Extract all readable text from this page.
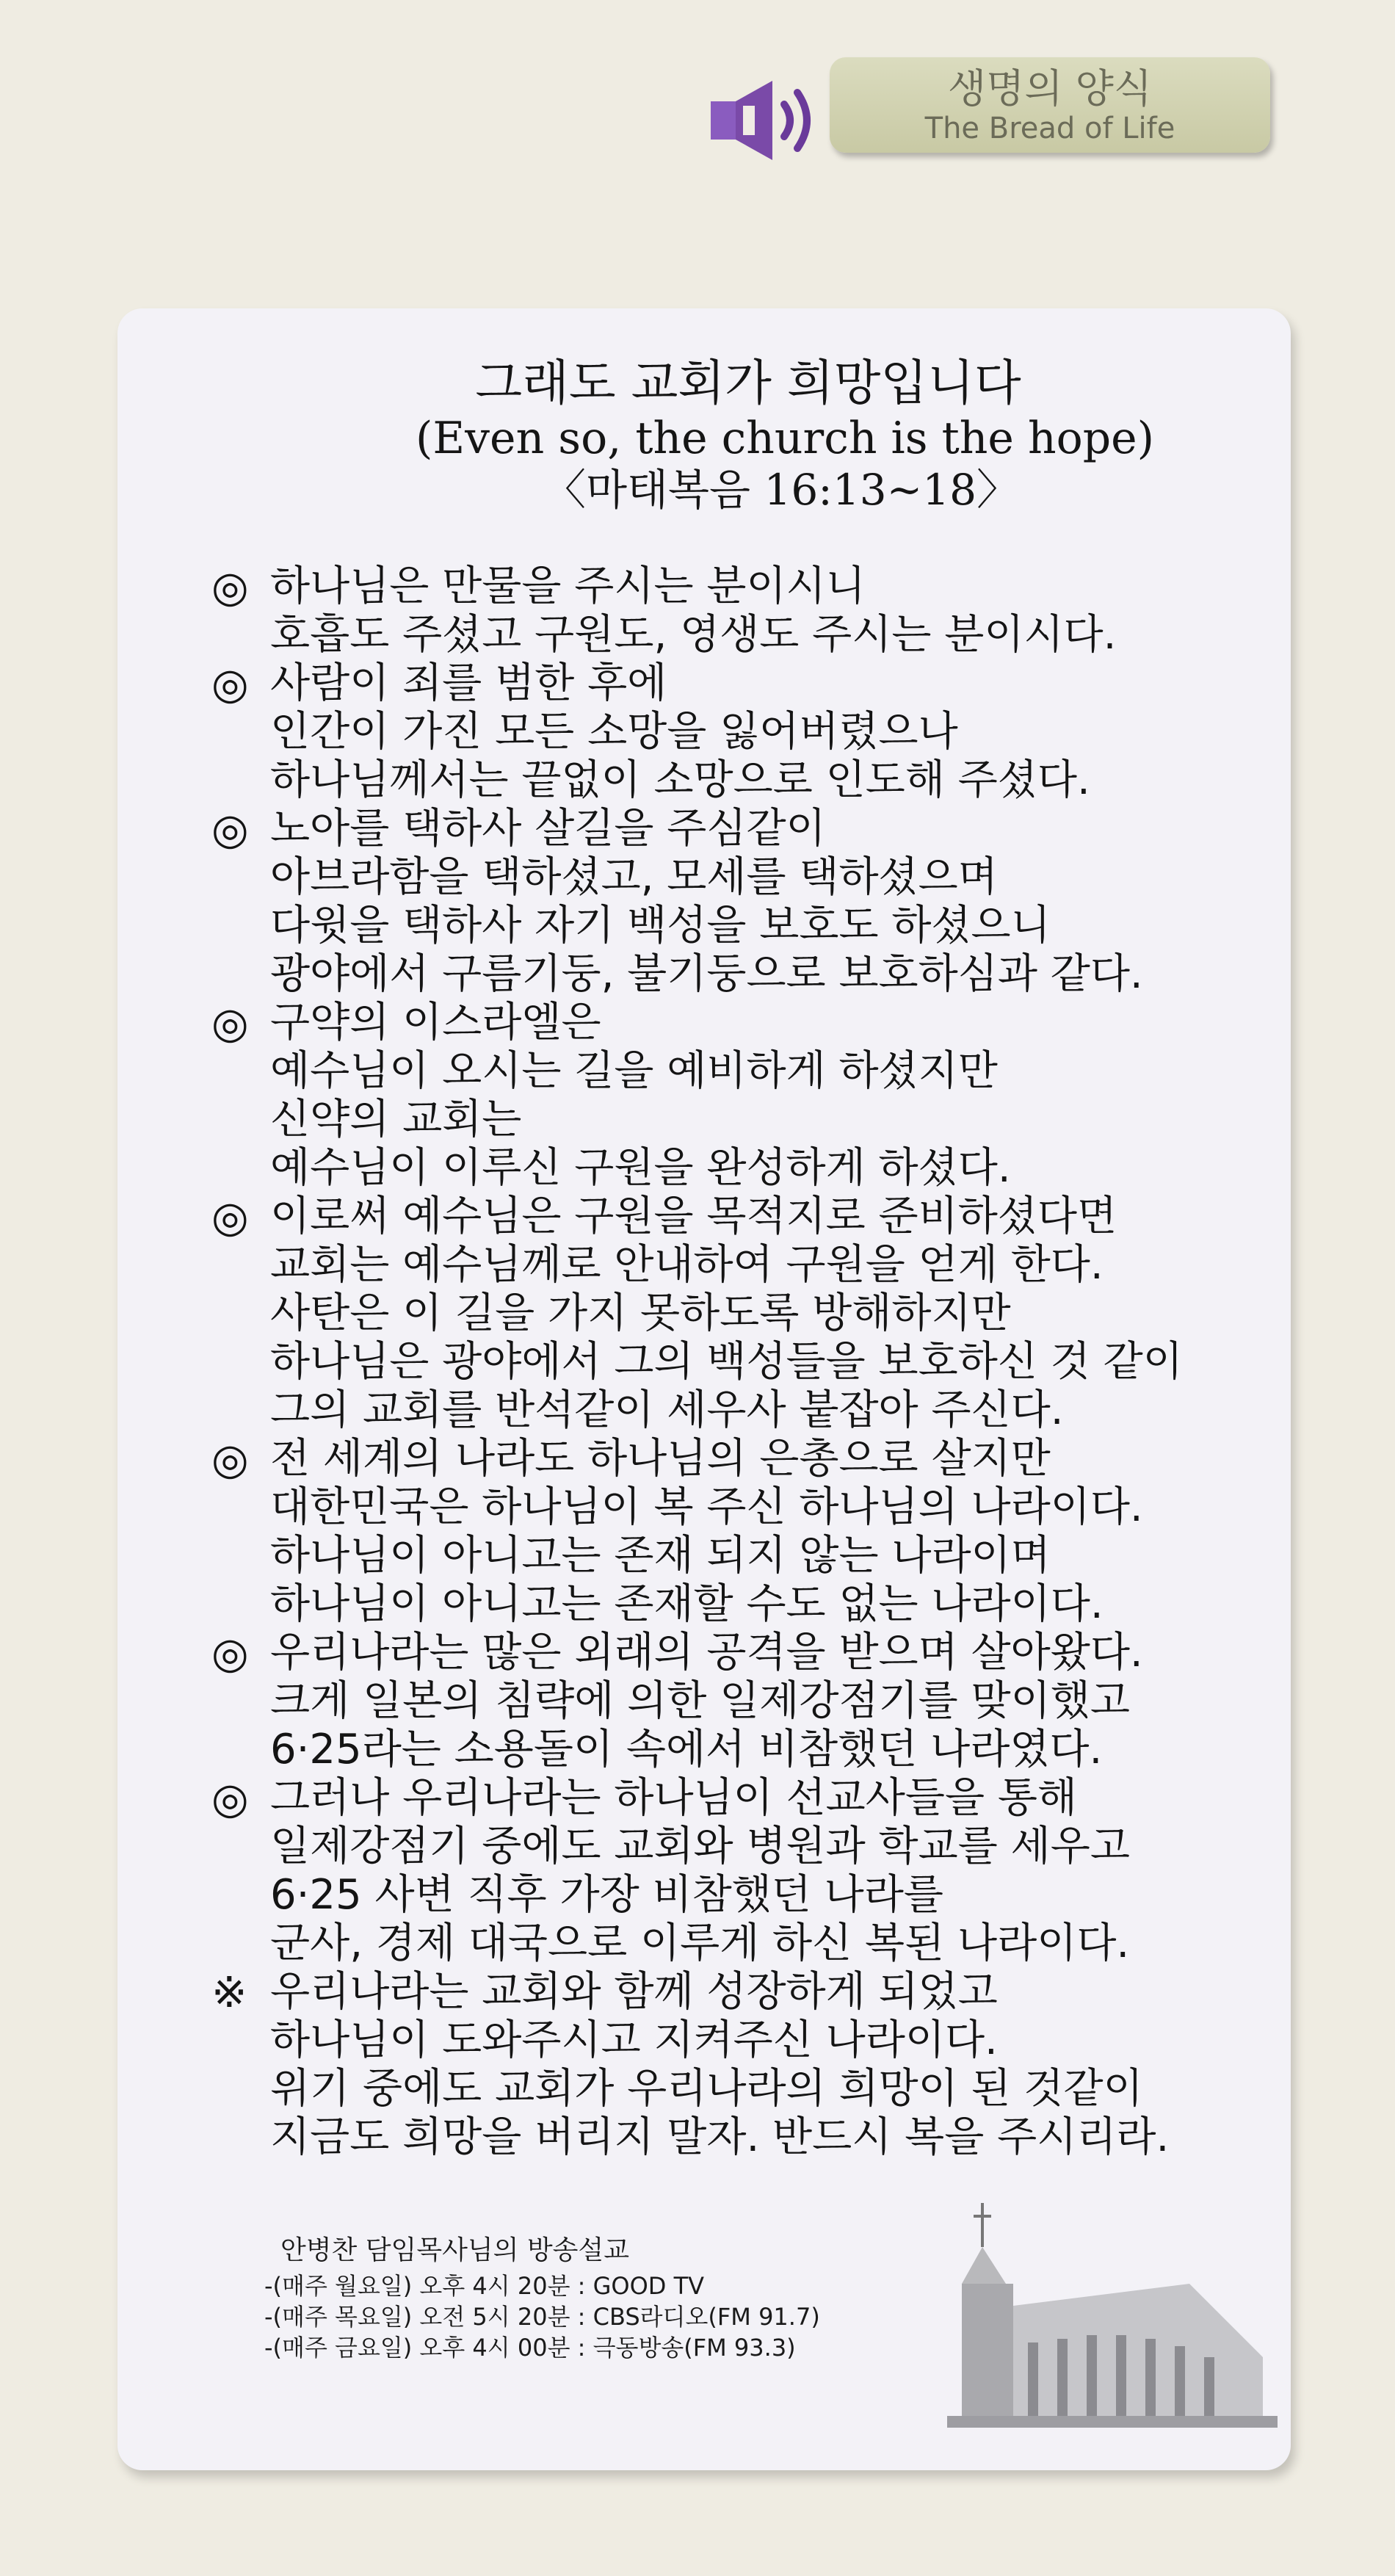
생명의 양식
The Bread of Life
그래도 교회가 희망입니다
(Even so, the church is the hope)
〈마태복음 16:13~18〉
◎ 하나님은 만물을 주시는 분이시니
호흡도 주셨고 구원도, 영생도 주시는 분이시다.
◎ 사람이 죄를 범한 후에
인간이 가진 모든 소망을 잃어버렸으나
하나님께서는 끝없이 소망으로 인도해 주셨다.
◎ 노아를 택하사 살길을 주심같이
아브라함을 택하셨고, 모세를 택하셨으며
다윗을 택하사 자기 백성을 보호도 하셨으니
광야에서 구름기둥, 불기둥으로 보호하심과 같다.
◎ 구약의 이스라엘은
예수님이 오시는 길을 예비하게 하셨지만
신약의 교회는
예수님이 이루신 구원을 완성하게 하셨다.
◎ 이로써 예수님은 구원을 목적지로 준비하셨다면
교회는 예수님께로 안내하여 구원을 얻게 한다.
사탄은 이 길을 가지 못하도록 방해하지만
하나님은 광야에서 그의 백성들을 보호하신 것 같이
그의 교회를 반석같이 세우사 붙잡아 주신다.
◎ 전 세계의 나라도 하나님의 은총으로 살지만
대한민국은 하나님이 복 주신 하나님의 나라이다.
하나님이 아니고는 존재 되지 않는 나라이며
하나님이 아니고는 존재할 수도 없는 나라이다.
◎ 우리나라는 많은 외래의 공격을 받으며 살아왔다.
크게 일본의 침략에 의한 일제강점기를 맞이했고
6·25라는 소용돌이 속에서 비참했던 나라였다.
◎ 그러나 우리나라는 하나님이 선교사들을 통해
일제강점기 중에도 교회와 병원과 학교를 세우고
6·25 사변 직후 가장 비참했던 나라를
군사, 경제 대국으로 이루게 하신 복된 나라이다.
※ 우리나라는 교회와 함께 성장하게 되었고
하나님이 도와주시고 지켜주신 나라이다.
위기 중에도 교회가 우리나라의 희망이 된 것같이
지금도 희망을 버리지 말자. 반드시 복을 주시리라.
안병찬 담임목사님의 방송설교
-(매주 월요일) 오후 4시 20분 : GOOD TV
-(매주 목요일) 오전 5시 20분 : CBS라디오(FM 91.7)
-(매주 금요일) 오후 4시 00분 : 극동방송(FM 93.3)
